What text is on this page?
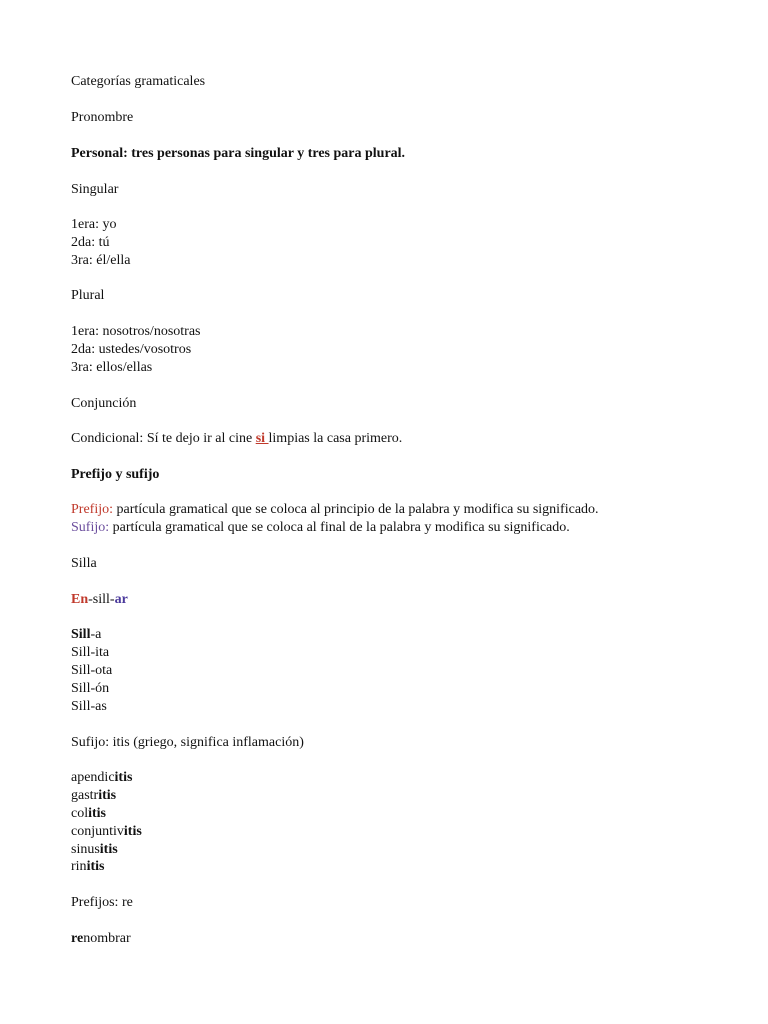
Categorías gramaticales
Pronombre
Personal: tres personas para singular y tres para plural.
Singular
1era: yo
2da: tú
3ra: él/ella
Plural
1era: nosotros/nosotras
2da: ustedes/vosotros
3ra: ellos/ellas
Conjunción
Condicional: Sí te dejo ir al cine si limpias la casa primero.
Prefijo y sufijo
Prefijo: partícula gramatical que se coloca al principio de la palabra y modifica su significado.
Sufijo: partícula gramatical que se coloca al final de la palabra y modifica su significado.
Silla
En-sill-ar
Sill-a
Sill-ita
Sill-ota
Sill-ón
Sill-as
Sufijo: itis (griego, significa inflamación)
apendicitis
gastritis
colitis
conjuntivitis
sinusitis
rinitis
Prefijos: re
renombrar
